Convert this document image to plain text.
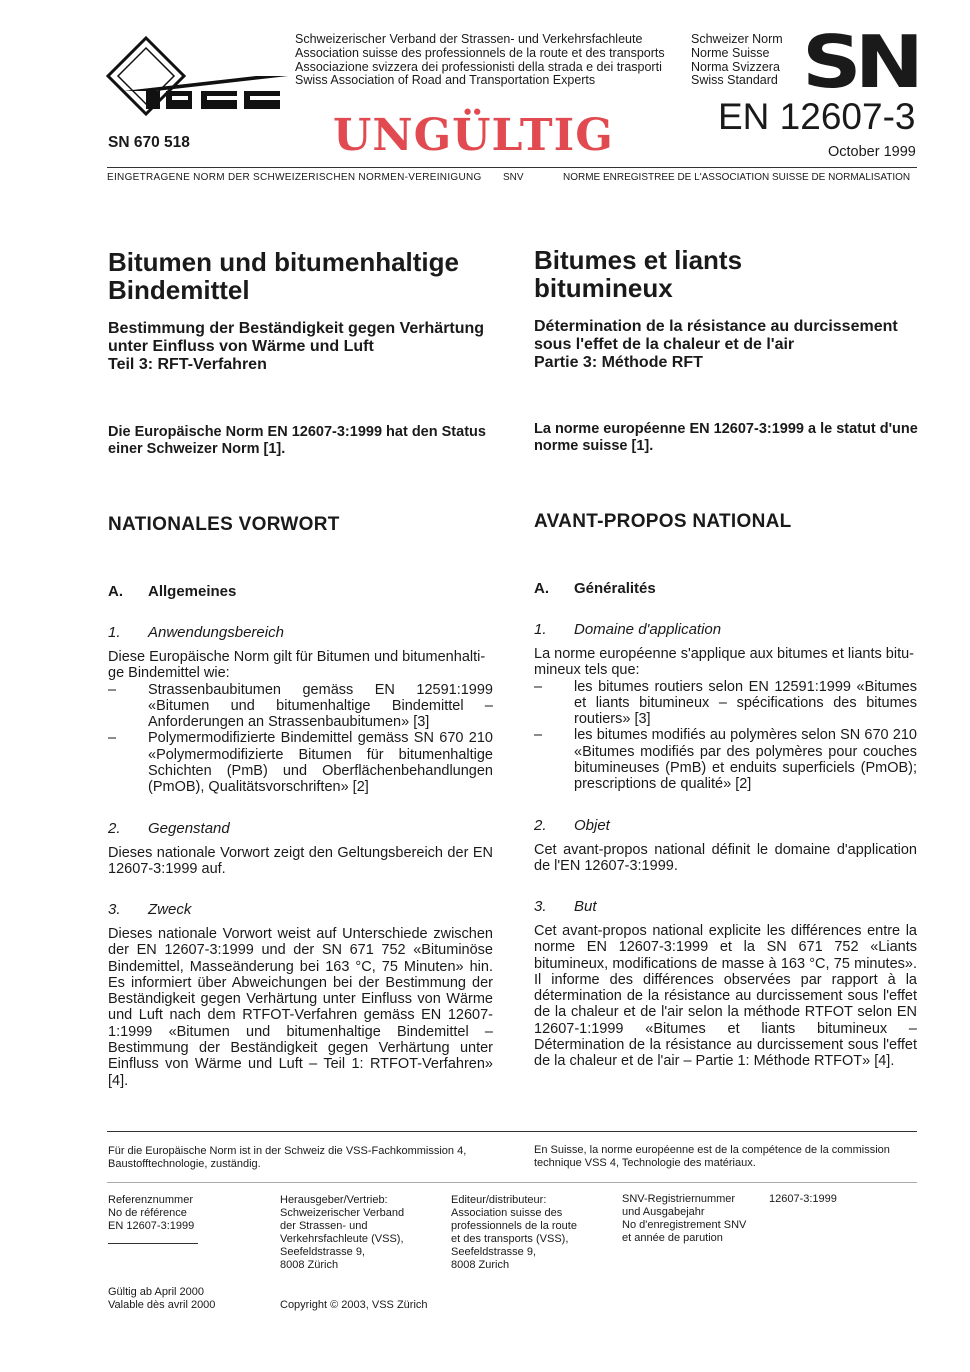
Schweizerischer Verband der Strassen- und Verkehrsfachleute
Association suisse des professionnels de la route et des transports
Associazione svizzera dei professionisti della strada e dei trasporti
Swiss Association of Road and Transportation Experts
Schweizer Norm
Norme Suisse
Norma Svizzera
Swiss Standard SN
SN 670 518	UNGÜLTIG	EN 12607-3
October 1999
EINGETRAGENE NORM DER SCHWEIZERISCHEN NORMEN-VEREINIGUNG SNV	NORME ENREGISTREE DE L'ASSOCIATION SUISSE DE NORMALISATION
Bitumen und bitumenhaltige
Bindemittel
Bestimmung der Beständigkeit gegen Verhärtung
unter Einfluss von Wärme und Luft
Teil 3: RFT-Verfahren
Die Europäische Norm EN 12607-3:1999 hat den Status
einer Schweizer Norm [1].
NATIONALES VORWORT
A. Allgemeines
1. Anwendungsbereich
Diese Europäische Norm gilt für Bitumen und bitumenhalti-
ge Bindemittel wie:
– Strassenbaubitumen gemäss EN 12591:1999 «Bitumen und bitumenhaltige Bindemittel – Anforderungen an Strassenbaubitumen» [3]
– Polymermodifizierte Bindemittel gemäss SN 670 210 «Polymermodifizierte Bitumen für bitumenhaltige Schichten (PmB) und Oberflächenbehandlungen (PmOB), Qualitätsvorschriften» [2]
2. Gegenstand
Dieses nationale Vorwort zeigt den Geltungsbereich der EN 12607-3:1999 auf.
3. Zweck
Dieses nationale Vorwort weist auf Unterschiede zwischen der EN 12607-3:1999 und der SN 671 752 «Bituminöse Bindemittel, Masseänderung bei 163 °C, 75 Minuten» hin. Es informiert über Abweichungen bei der Bestimmung der Beständigkeit gegen Verhärtung unter Einfluss von Wärme und Luft nach dem RTFOT-Verfahren gemäss EN 12607-1:1999 «Bitumen und bitumenhaltige Bindemittel – Bestimmung der Beständigkeit gegen Verhärtung unter Einfluss von Wärme und Luft – Teil 1: RTFOT-Verfahren» [4].
Bitumes et liants
bitumineux
Détermination de la résistance au durcissement
sous l'effet de la chaleur et de l'air
Partie 3: Méthode RFT
La norme européenne EN 12607-3:1999 a le statut d'une
norme suisse [1].
AVANT-PROPOS NATIONAL
A. Généralités
1. Domaine d'application
La norme européenne s'applique aux bitumes et liants bitu-
mineux tels que:
– les bitumes routiers selon EN 12591:1999 «Bitumes et liants bitumineux – spécifications des bitumes routiers» [3]
– les bitumes modifiés au polymères selon SN 670 210 «Bitumes modifiés par des polymères pour couches bitumineuses (PmB) et enduits superficiels (PmOB); prescriptions de qualité» [2]
2. Objet
Cet avant-propos national définit le domaine d'application de l'EN 12607-3:1999.
3. But
Cet avant-propos national explicite les différences entre la norme EN 12607-3:1999 et la SN 671 752 «Liants bitumineux, modifications de masse à 163 °C, 75 minutes». Il informe des différences observées par rapport à la détermination de la résistance au durcissement sous l'effet de la chaleur et de l'air selon la méthode RTFOT selon EN 12607-1:1999 «Bitumes et liants bitumineux – Détermination de la résistance au durcissement sous l'effet de la chaleur et de l'air – Partie 1: Méthode RTFOT» [4].
Für die Europäische Norm ist in der Schweiz die VSS-Fachkommission 4,
Baustofftechnologie, zuständig.
En Suisse, la norme européenne est de la compétence de la commission
technique VSS 4, Technologie des matériaux.
Referenznummer
No de référence
EN 12607-3:1999
Herausgeber/Vertrieb:
Schweizerischer Verband
der Strassen- und
Verkehrsfachleute (VSS),
Seefeldstrasse 9,
8008 Zürich
Editeur/distributeur:
Association suisse des
professionnels de la route
et des transports (VSS),
Seefeldstrasse 9,
8008 Zurich
SNV-Registriernummer
und Ausgabejahr
No d'enregistrement SNV
et année de parution
12607-3:1999
Gültig ab April 2000
Valable dès avril 2000	Copyright © 2003, VSS Zürich
